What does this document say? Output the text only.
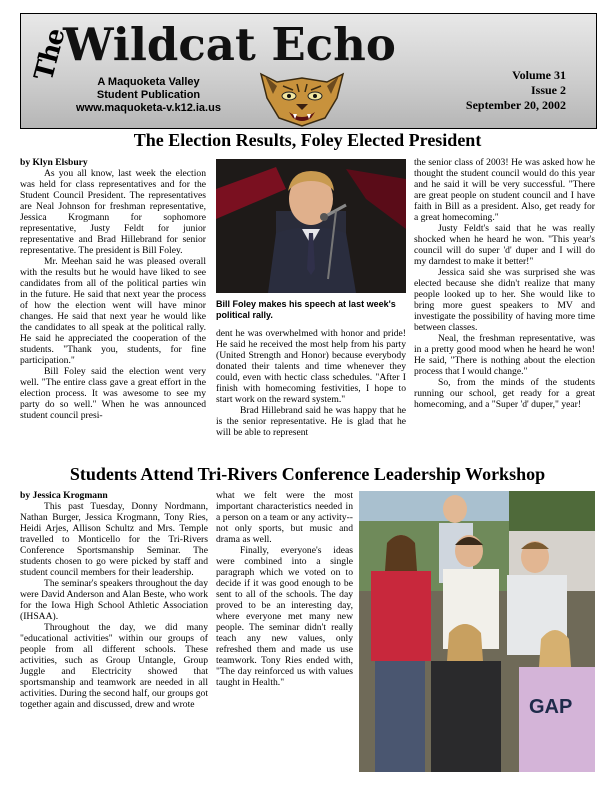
The
Wildcat Echo
A Maquoketa Valley
Student Publication
www.maquoketa-v.k12.ia.us
Volume 31
Issue 2
September 20, 2002
The Election Results, Foley Elected President
by Klyn Elsbury

As you all know, last week the election was held for class representatives and for the Student Council President. The representatives are Neal Johnson for freshman representative, Jessica Krogmann for sophomore representative, Justy Feldt for junior representative and Brad Hillebrand for senior representative. The president is Bill Foley.

Mr. Meehan said he was pleased overall with the results but he would have liked to see candidates from all of the political parties win in the future. He said that next year the process of how the election went will have minor changes. He said that next year he would like the candidates to all speak at the political rally. He said he appreciated the cooperation of the students. "Thank you, students, for fine participation."

Bill Foley said the election went very well. "The entire class gave a great effort in the election process. It was awesome to see my party do so well." When he was announced student council presi-

Bill Foley makes his speech at last week's political rally.

dent he was overwhelmed with honor and pride! He said he received the most help from his party (United Strength and Honor) because everybody donated their talents and time whenever they could, even with hectic class schedules. "After I finish with homecoming festivities, I hope to start work on the reward system."

Brad Hillebrand said he was happy that he is the senior representative. He is glad that he will be able to represent

the senior class of 2003! He was asked how he thought the student council would do this year and he said it will be very successful. "There are great people on student council and I have faith in Bill as a president. Also, get ready for a great homecoming."

Justy Feldt's said that he was really shocked when he heard he won. "This year's council will do super 'd' duper and I will do my darndest to make it better!"

Jessica said she was surprised she was elected because she didn't realize that many people looked up to her. She would like to bring more guest speakers to MV and investigate the possibility of having more time between classes.

Neal, the freshman representative, was in a pretty good mood when he heard he won! He said, "There is nothing about the election process that I would change."

So, from the minds of the students running our school, get ready for a great homecoming, and a "Super 'd' duper," year!

Students Attend Tri-Rivers Conference Leadership Workshop
by Jessica Krogmann

This past Tuesday, Donny Nordmann, Nathan Burger, Jessica Krogmann, Tony Ries, Heidi Arjes, Allison Schultz and Mrs. Temple travelled to Monticello for the Tri-Rivers Conference Sportsmanship Seminar. The students chosen to go were picked by staff and student council members for their leadership.

The seminar's speakers throughout the day were David Anderson and Alan Beste, who work for the Iowa High School Athletic Association (IHSAA).

Throughout the day, we did many "educational activities" within our groups of people from all different schools. These activities, such as Group Untangle, Group Juggle and Electricity showed that sportsmanship and teamwork are needed in all activities. During the second half, our groups got together again and discussed, drew and wrote

what we felt were the most important characteristics needed in a person on a team or any activity--not only sports, but music and drama as well.

Finally, everyone's ideas were combined into a single paragraph which we voted on to decide if it was good enough to be sent to all of the schools. The day proved to be an interesting day, where everyone met many new people. The seminar didn't really teach any new values, only refreshed them and made us use teamwork. Tony Ries ended with, "The day reinforced us with values taught in Health."

GAP
